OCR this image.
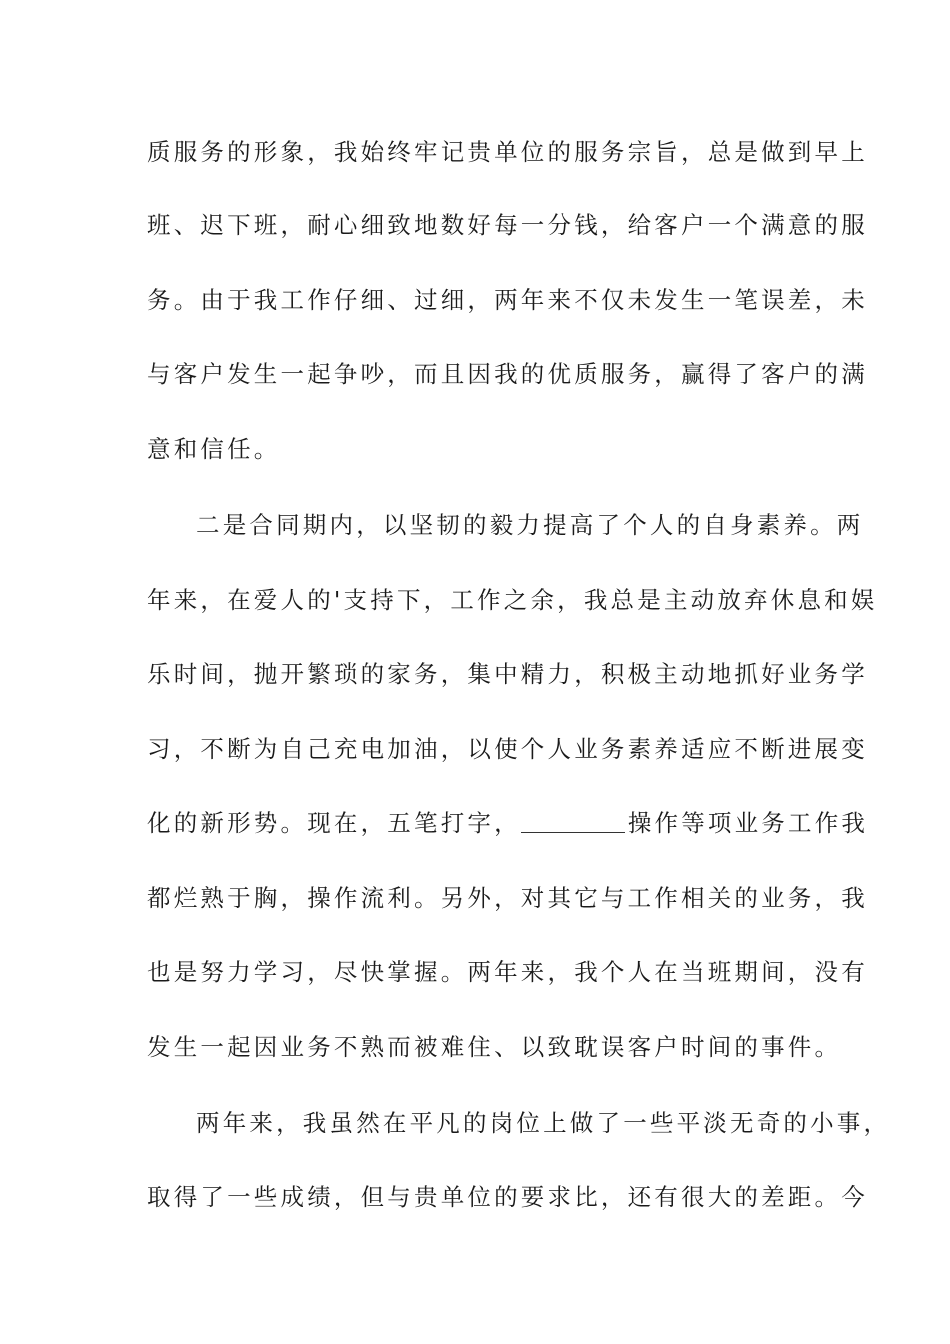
质服务的形象，我始终牢记贵单位的服务宗旨，总是做到早上
班、迟下班，耐心细致地数好每一分钱，给客户一个满意的服
务。由于我工作仔细、过细，两年来不仅未发生一笔误差，未
与客户发生一起争吵，而且因我的优质服务，赢得了客户的满
意和信任。
二是合同期内，以坚韧的毅力提高了个人的自身素养。两
年来，在爱人的'支持下，工作之余，我总是主动放弃休息和娱
乐时间，抛开繁琐的家务，集中精力，积极主动地抓好业务学
习，不断为自己充电加油，以使个人业务素养适应不断进展变
化的新形势。现在，五笔打字，	操作等项业务工作我
都烂熟于胸，操作流利。另外，对其它与工作相关的业务，我
也是努力学习，尽快掌握。两年来，我个人在当班期间，没有
发生一起因业务不熟而被难住、以致耽误客户时间的事件。
两年来，我虽然在平凡的岗位上做了一些平淡无奇的小事，
取得了一些成绩，但与贵单位的要求比，还有很大的差距。今
